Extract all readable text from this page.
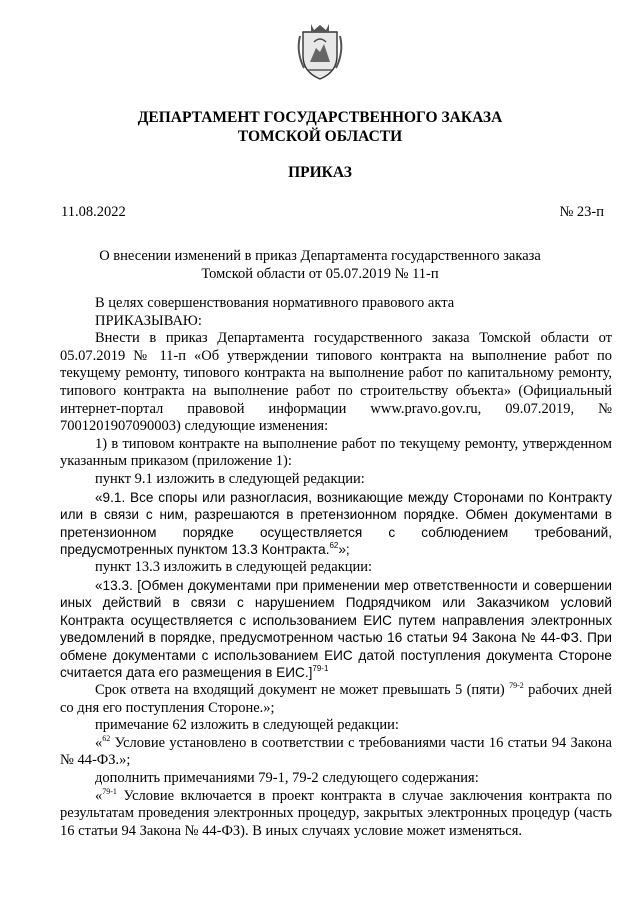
ДЕПАРТАМЕНТ ГОСУДАРСТВЕННОГО ЗАКАЗА
ТОМСКОЙ ОБЛАСТИ
ПРИКАЗ
11.08.2022	№ 23-п
О внесении изменений в приказ Департамента государственного заказа
Томской области от 05.07.2019 № 11-п

В целях совершенствования нормативного правового акта

ПРИКАЗЫВАЮ:

Внести в приказ Департамента государственного заказа Томской области от 05.07.2019 № 11-п «Об утверждении типового контракта на выполнение работ по текущему ремонту, типового контракта на выполнение работ по капитальному ремонту, типового контракта на выполнение работ по строительству объекта» (Официальный интернет-портал правовой информации www.pravo.gov.ru, 09.07.2019, № 7001201907090003) следующие изменения:

1) в типовом контракте на выполнение работ по текущему ремонту, утвержденном указанным приказом (приложение 1):

пункт 9.1 изложить в следующей редакции:

«9.1. Все споры или разногласия, возникающие между Сторонами по Контракту или в связи с ним, разрешаются в претензионном порядке. Обмен документами в претензионном порядке осуществляется с соблюдением требований, предусмотренных пунктом 13.3 Контракта.$^{62}$»;

пункт 13.3 изложить в следующей редакции:

«13.3. [Обмен документами при применении мер ответственности и совершении иных действий в связи с нарушением Подрядчиком или Заказчиком условий Контракта осуществляется с использованием ЕИС путем направления электронных уведомлений в порядке, предусмотренном частью 16 статьи 94 Закона № 44-ФЗ. При обмене документами с использованием ЕИС датой поступления документа Стороне считается дата его размещения в ЕИС.]$^{79-1}$

Срок ответа на входящий документ не может превышать 5 (пяти) $^{79-2}$ рабочих дней со дня его поступления Стороне.»;

примечание 62 изложить в следующей редакции:

«$^{62}$ Условие установлено в соответствии с требованиями части 16 статьи 94 Закона № 44-ФЗ.»;

дополнить примечаниями 79-1, 79-2 следующего содержания:

«$^{79-1}$ Условие включается в проект контракта в случае заключения контракта по результатам проведения электронных процедур, закрытых электронных процедур (часть 16 статьи 94 Закона № 44-ФЗ). В иных случаях условие может изменяться.
